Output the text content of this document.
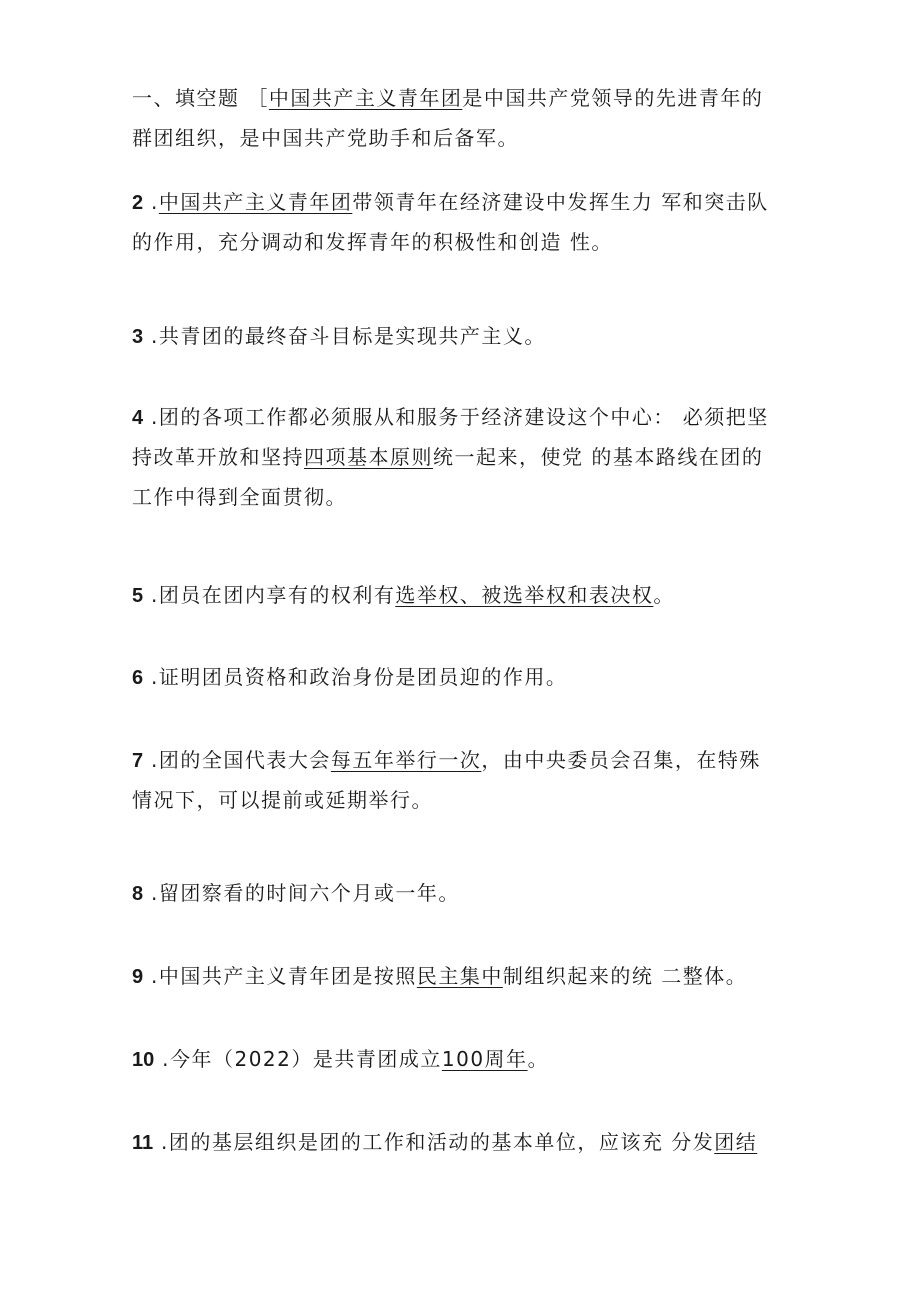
一、填空题 ［中国共产主义青年团是中国共产党领导的先进青年的
群团组织，是中国共产党助手和后备军。
2 .中国共产主义青年团带领青年在经济建设中发挥生力 军和突击队
的作用，充分调动和发挥青年的积极性和创造 性。
3 .共青团的最终奋斗目标是实现共产主义。
4 .团的各项工作都必须服从和服务于经济建设这个中心： 必须把坚
持改革开放和坚持四项基本原则统一起来，使党 的基本路线在团的
工作中得到全面贯彻。
5 .团员在团内享有的权利有选举权、被选举权和表决权。
6 .证明团员资格和政治身份是团员迎的作用。
7 .团的全国代表大会每五年举行一次，由中央委员会召集，在特殊
情况下，可以提前或延期举行。
8 .留团察看的时间六个月或一年。
9 .中国共产主义青年团是按照民主集中制组织起来的统 二整体。
10 .今年（2022）是共青团成立100周年。
11 .团的基层组织是团的工作和活动的基本单位，应该充 分发团结
